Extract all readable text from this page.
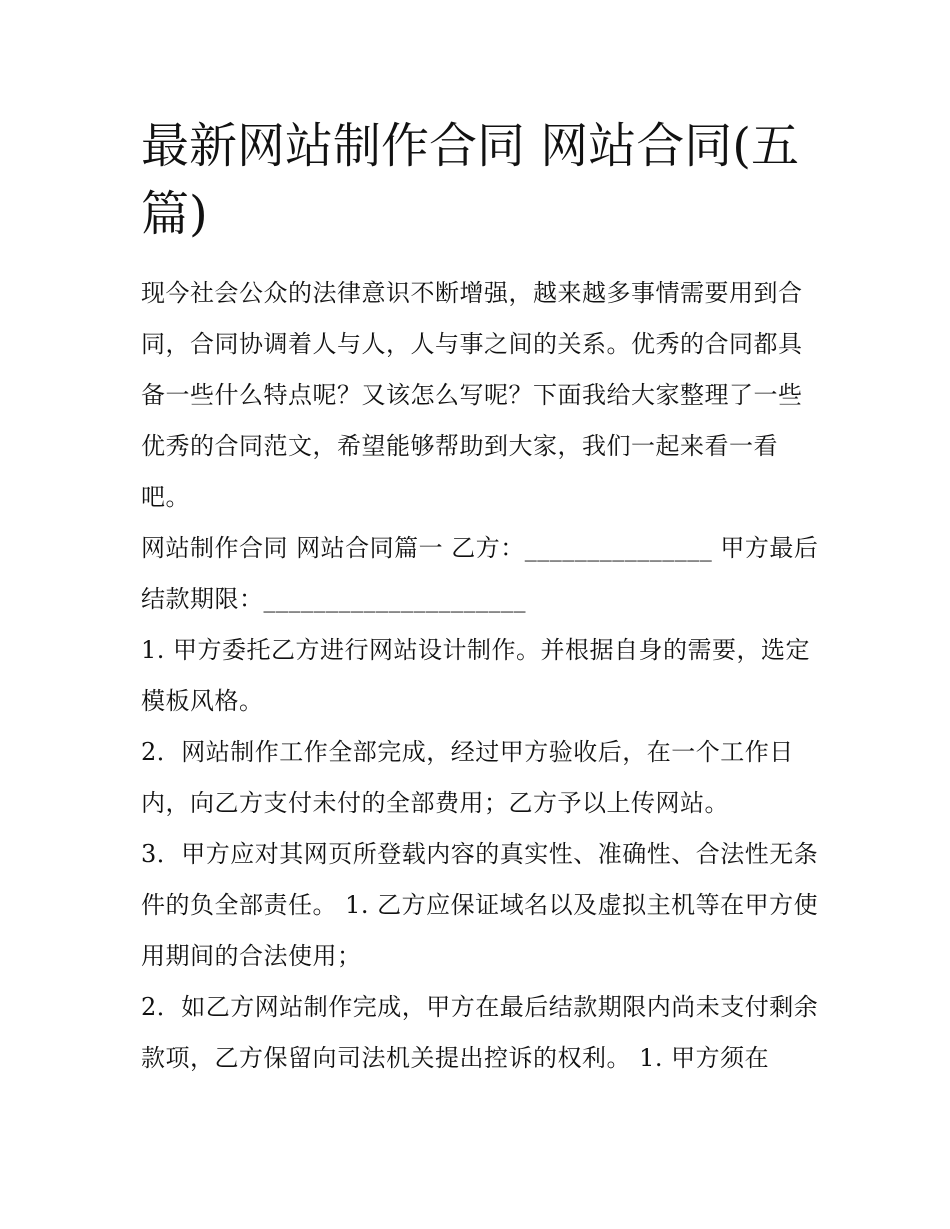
最新网站制作合同 网站合同(五篇)

现今社会公众的法律意识不断增强，越来越多事情需要用到合同，合同协调着人与人，人与事之间的关系。优秀的合同都具备一些什么特点呢？又该怎么写呢？下面我给大家整理了一些优秀的合同范文，希望能够帮助到大家，我们一起来看一看吧。

网站制作合同 网站合同篇一 乙方：_______________ 甲方最后结款期限：_____________________

1. 甲方委托乙方进行网站设计制作。并根据自身的需要，选定模板风格。

2．网站制作工作全部完成，经过甲方验收后，在一个工作日内，向乙方支付未付的全部费用；乙方予以上传网站。

3．甲方应对其网页所登载内容的真实性、准确性、合法性无条件的负全部责任。 1. 乙方应保证域名以及虚拟主机等在甲方使用期间的合法使用；

2．如乙方网站制作完成，甲方在最后结款期限内尚未支付剩余款项，乙方保留向司法机关提出控诉的权利。 1. 甲方须在
